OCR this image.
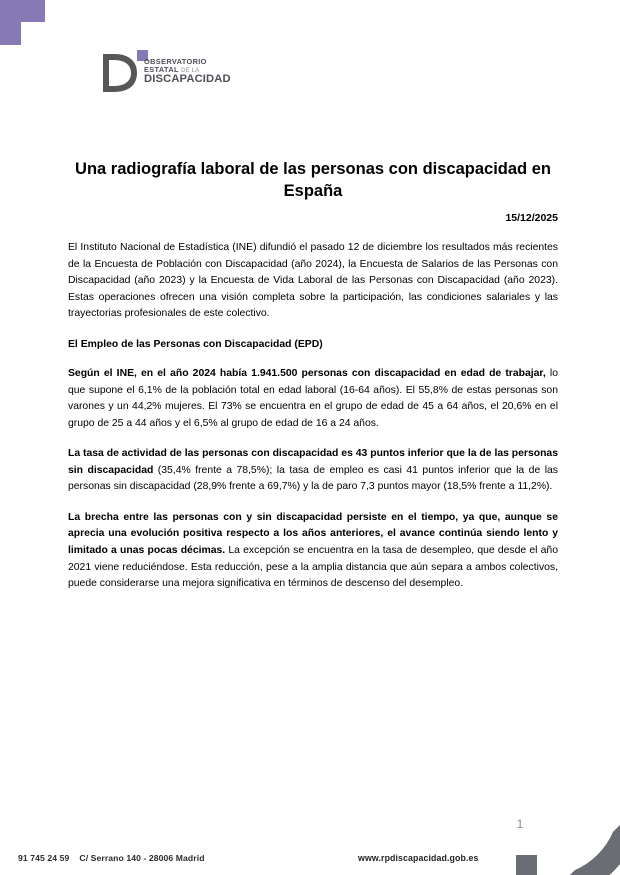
OBSERVATORIO
ESTATAL DE LA
DISCAPACIDAD
Una radiografía laboral de las personas con discapacidad en España
15/12/2025

El Instituto Nacional de Estadística (INE) difundió el pasado 12 de diciembre los resultados más recientes de la Encuesta de Población con Discapacidad (año 2024), la Encuesta de Salarios de las Personas con Discapacidad (año 2023) y la Encuesta de Vida Laboral de las Personas con Discapacidad (año 2023). Estas operaciones ofrecen una visión completa sobre la participación, las condiciones salariales y las trayectorias profesionales de este colectivo.

El Empleo de las Personas con Discapacidad (EPD)

Según el INE, en el año 2024 había 1.941.500 personas con discapacidad en edad de trabajar, lo que supone el 6,1% de la población total en edad laboral (16-64 años). El 55,8% de estas personas son varones y un 44,2% mujeres. El 73% se encuentra en el grupo de edad de 45 a 64 años, el 20,6% en el grupo de 25 a 44 años y el 6,5% al grupo de edad de 16 a 24 años.

La tasa de actividad de las personas con discapacidad es 43 puntos inferior que la de las personas sin discapacidad (35,4% frente a 78,5%); la tasa de empleo es casi 41 puntos inferior que la de las personas sin discapacidad (28,9% frente a 69,7%) y la de paro 7,3 puntos mayor (18,5% frente a 11,2%).

La brecha entre las personas con y sin discapacidad persiste en el tiempo, ya que, aunque se aprecia una evolución positiva respecto a los años anteriores, el avance continúa siendo lento y limitado a unas pocas décimas. La excepción se encuentra en la tasa de desempleo, que desde el año 2021 viene reduciéndose. Esta reducción, pese a la amplia distancia que aún separa a ambos colectivos, puede considerarse una mejora significativa en términos de descenso del desempleo.

1
91 745 24 59 C/ Serrano 140 - 28006 Madrid	www.rpdiscapacidad.gob.es
